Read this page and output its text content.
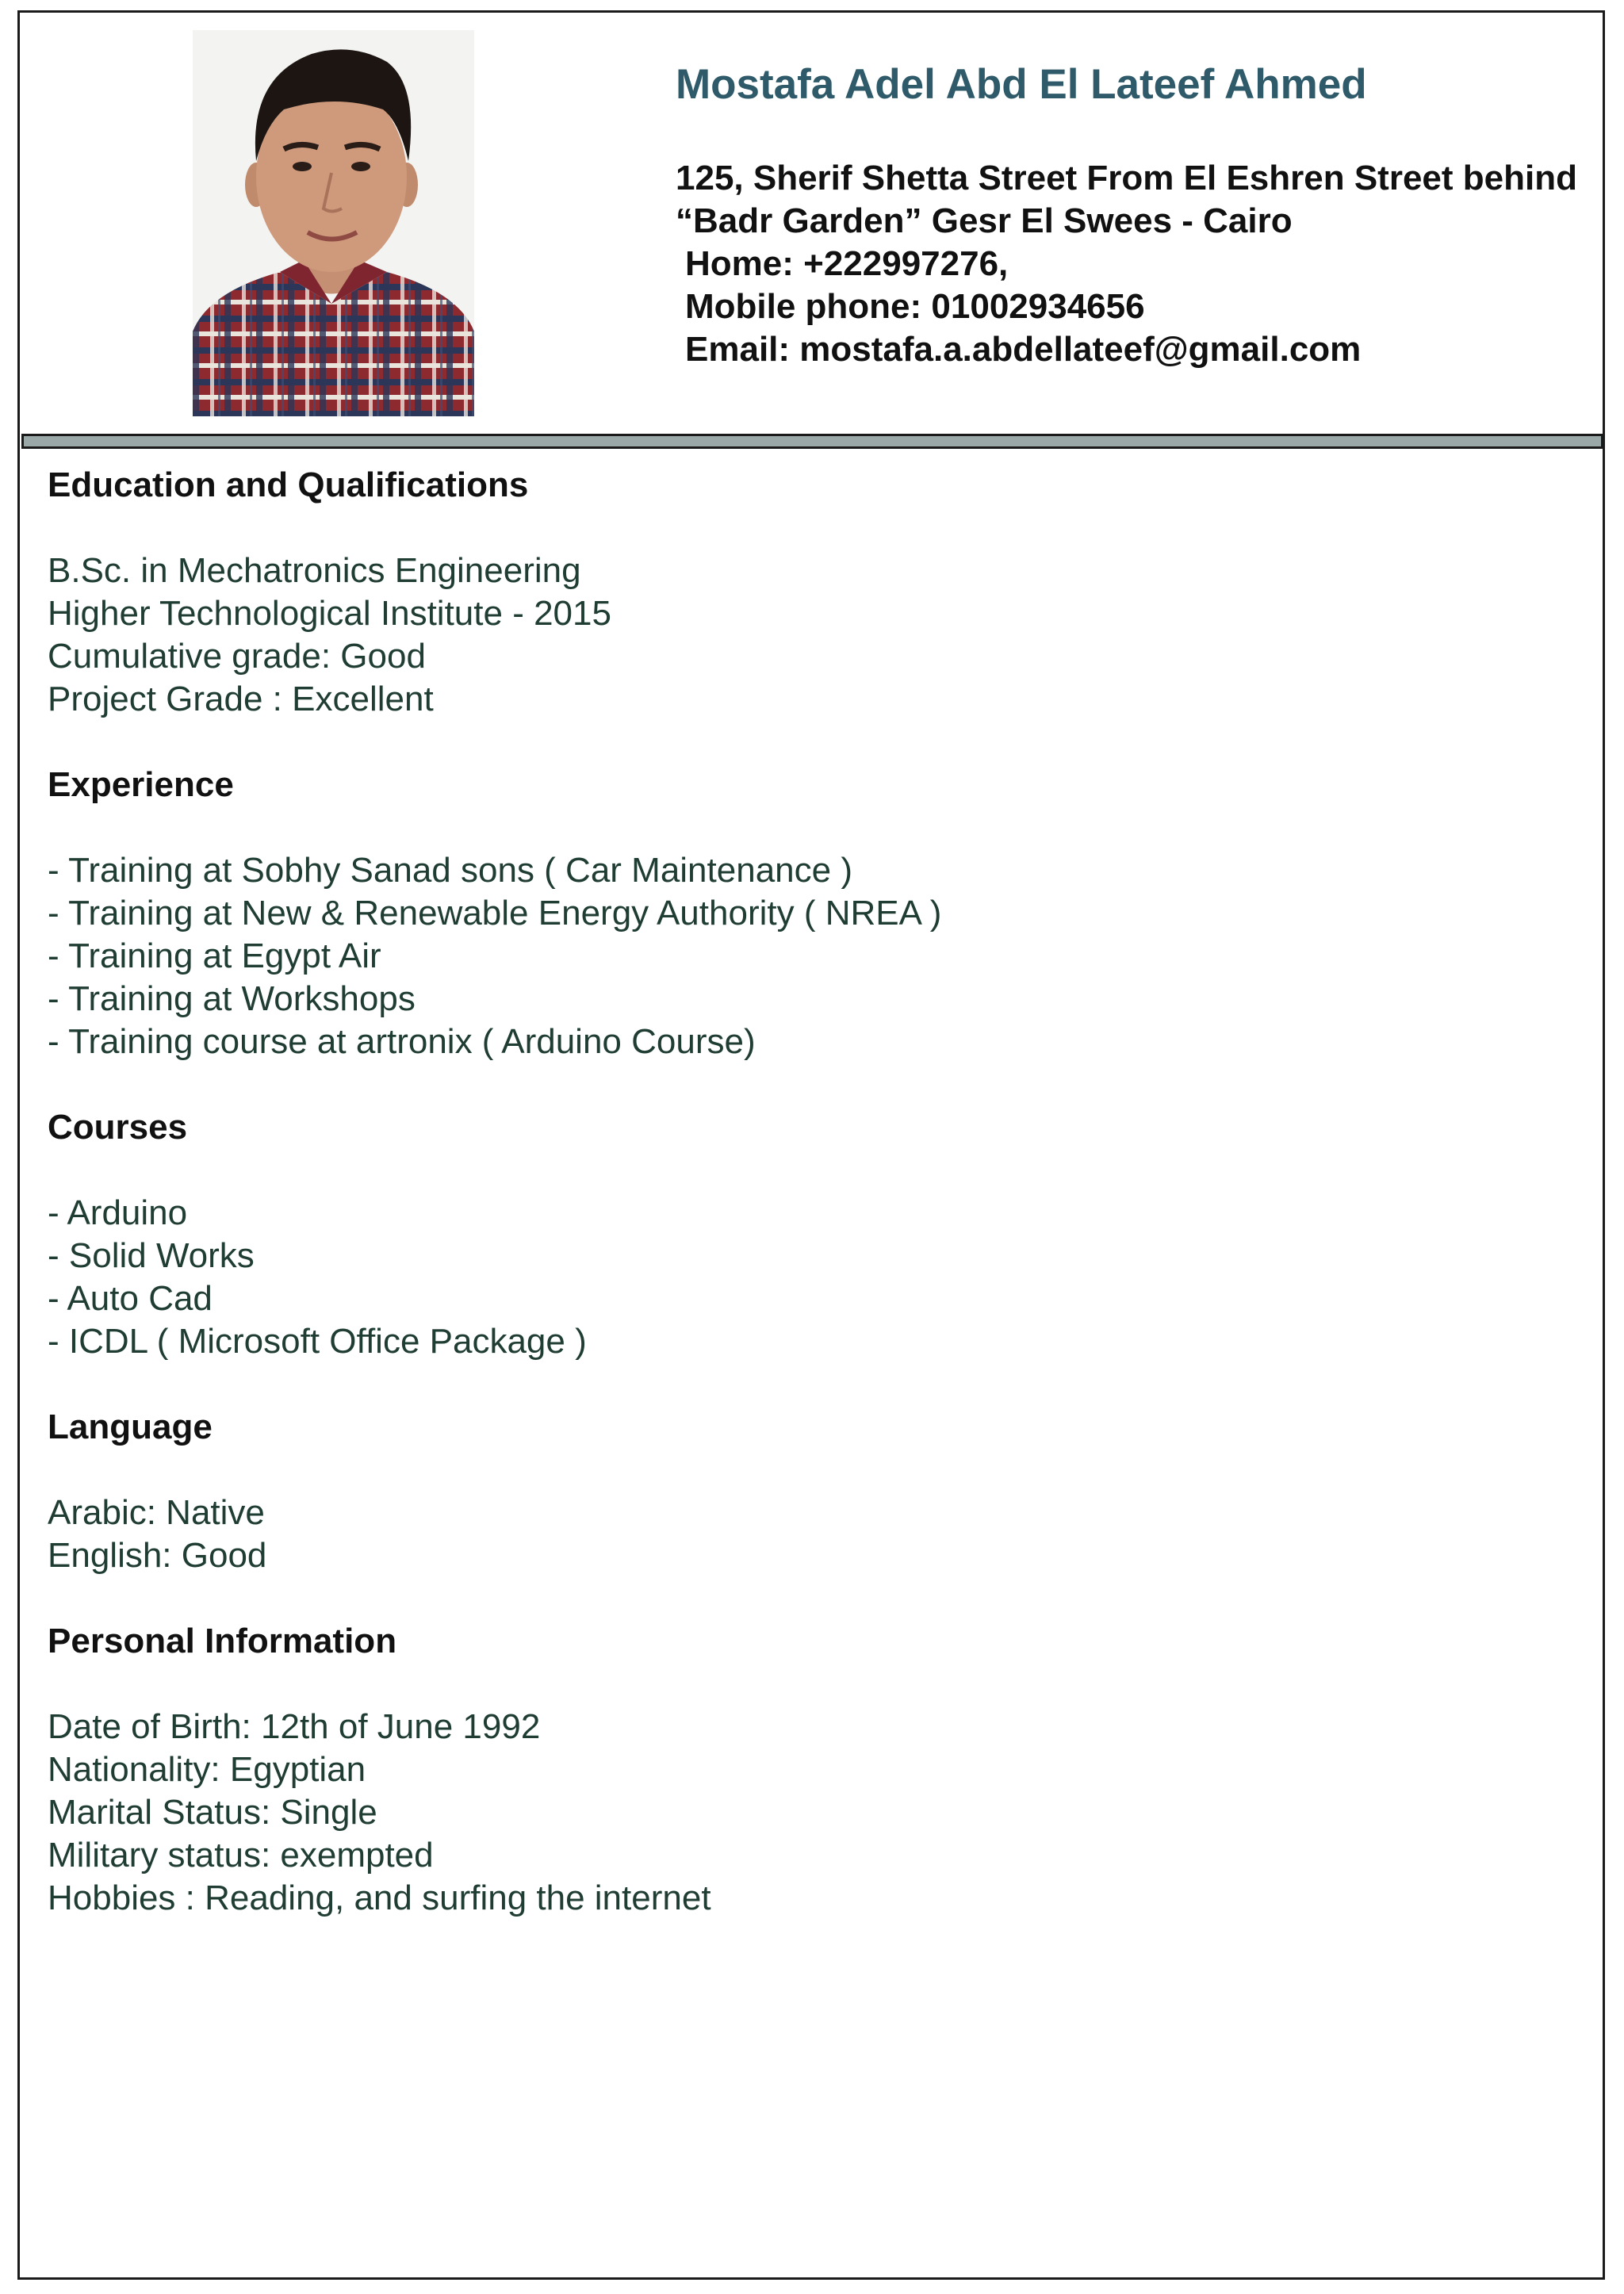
Mostafa Adel Abd El Lateef Ahmed
125, Sherif Shetta Street From El Eshren Street behind
“Badr Garden” Gesr El Swees - Cairo
Home: +222997276,
Mobile phone: 01002934656
Email: mostafa.a.abdellateef@gmail.com
Education and Qualifications
B.Sc. in Mechatronics Engineering
Higher Technological Institute - 2015
Cumulative grade: Good
Project Grade : Excellent
Experience
- Training at Sobhy Sanad sons ( Car Maintenance )
- Training at New & Renewable Energy Authority ( NREA )
- Training at Egypt Air
- Training at Workshops
- Training course at artronix ( Arduino Course)
Courses
- Arduino
- Solid Works
- Auto Cad
- ICDL ( Microsoft Office Package )
Language
Arabic: Native
English: Good
Personal Information
Date of Birth: 12th of June 1992
Nationality: Egyptian
Marital Status: Single
Military status: exempted
Hobbies : Reading, and surfing the internet
